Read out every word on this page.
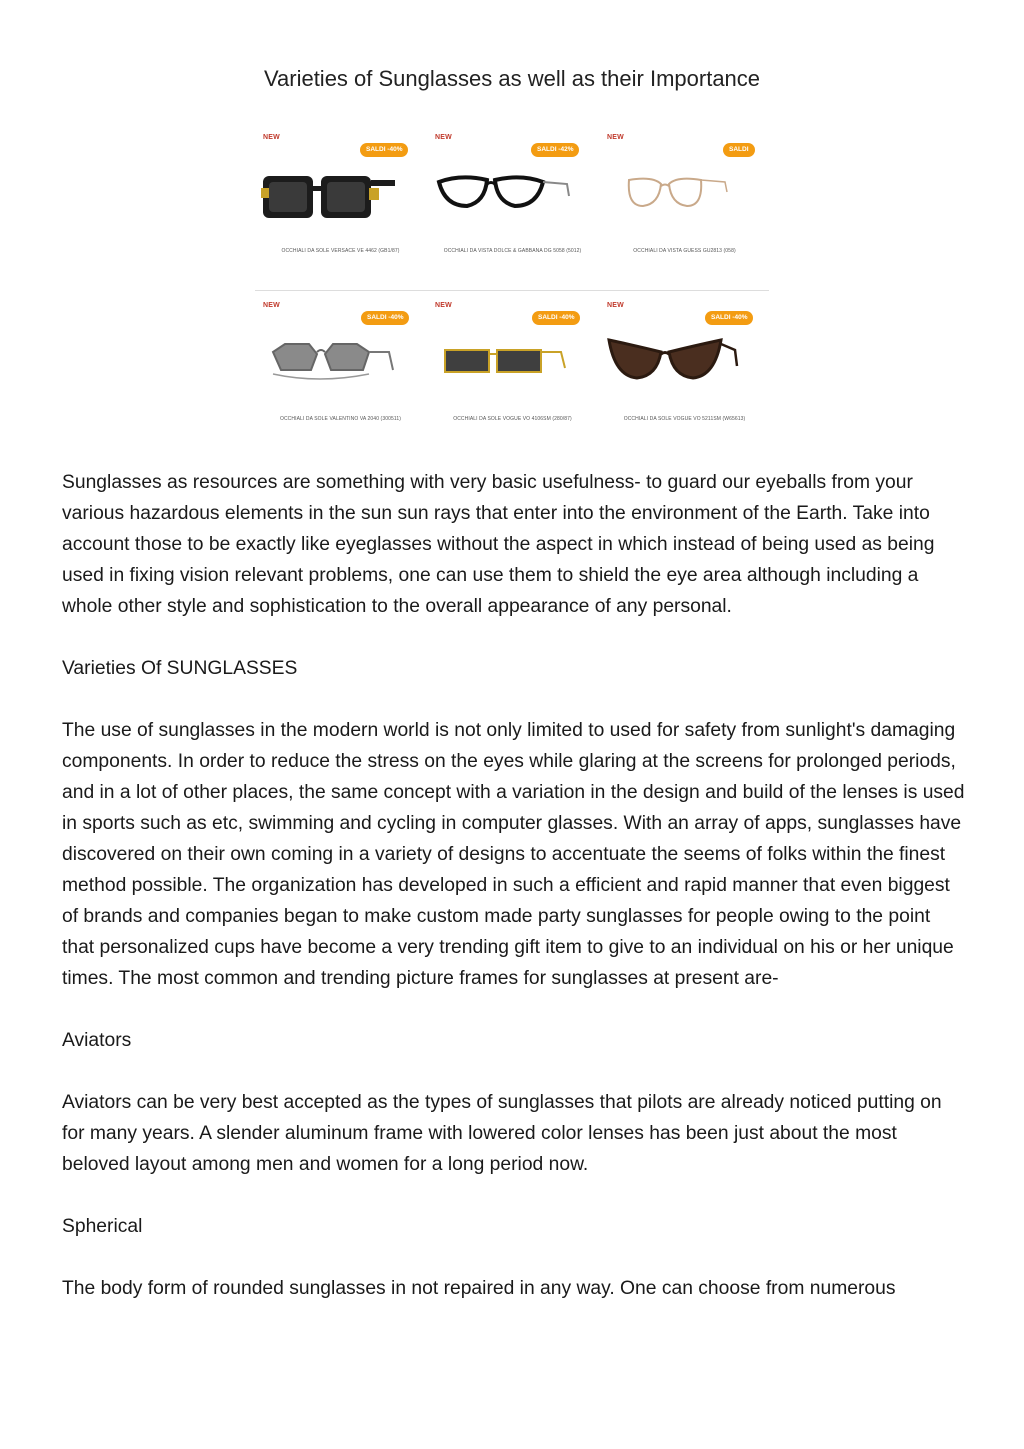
Varieties of Sunglasses as well as their Importance
NEW
SALDI -40%
OCCHIALI DA SOLE VERSACE VE 4462 (GB1/87)
NEW
SALDI -42%
OCCHIALI DA VISTA DOLCE & GABBANA DG 5058 (5012)
NEW
SALDI
OCCHIALI DA VISTA GUESS GU2813 (058)
NEW
SALDI -40%
OCCHIALI DA SOLE VALENTINO VA 2040 (300511)
NEW
SALDI -40%
OCCHIALI DA SOLE VOGUE VO 4106SM (280/87)
NEW
SALDI -40%
OCCHIALI DA SOLE VOGUE VO 5211SM (W65613)

Sunglasses as resources are something with very basic usefulness- to guard our eyeballs from your various hazardous elements in the sun sun rays that enter into the environment of the Earth. Take into account those to be exactly like eyeglasses without the aspect in which instead of being used as being used in fixing vision relevant problems, one can use them to shield the eye area although including a whole other style and sophistication to the overall appearance of any personal.

Varieties Of SUNGLASSES

The use of sunglasses in the modern world is not only limited to used for safety from sunlight's damaging components. In order to reduce the stress on the eyes while glaring at the screens for prolonged periods, and in a lot of other places, the same concept with a variation in the design and build of the lenses is used in sports such as etc, swimming and cycling in computer glasses. With an array of apps, sunglasses have discovered on their own coming in a variety of designs to accentuate the seems of folks within the finest method possible. The organization has developed in such a efficient and rapid manner that even biggest of brands and companies began to make custom made party sunglasses for people owing to the point that personalized cups have become a very trending gift item to give to an individual on his or her unique times. The most common and trending picture frames for sunglasses at present are-

Aviators

Aviators can be very best accepted as the types of sunglasses that pilots are already noticed putting on for many years. A slender aluminum frame with lowered color lenses has been just about the most beloved layout among men and women for a long period now.

Spherical

The body form of rounded sunglasses in not repaired in any way. One can choose from numerous
